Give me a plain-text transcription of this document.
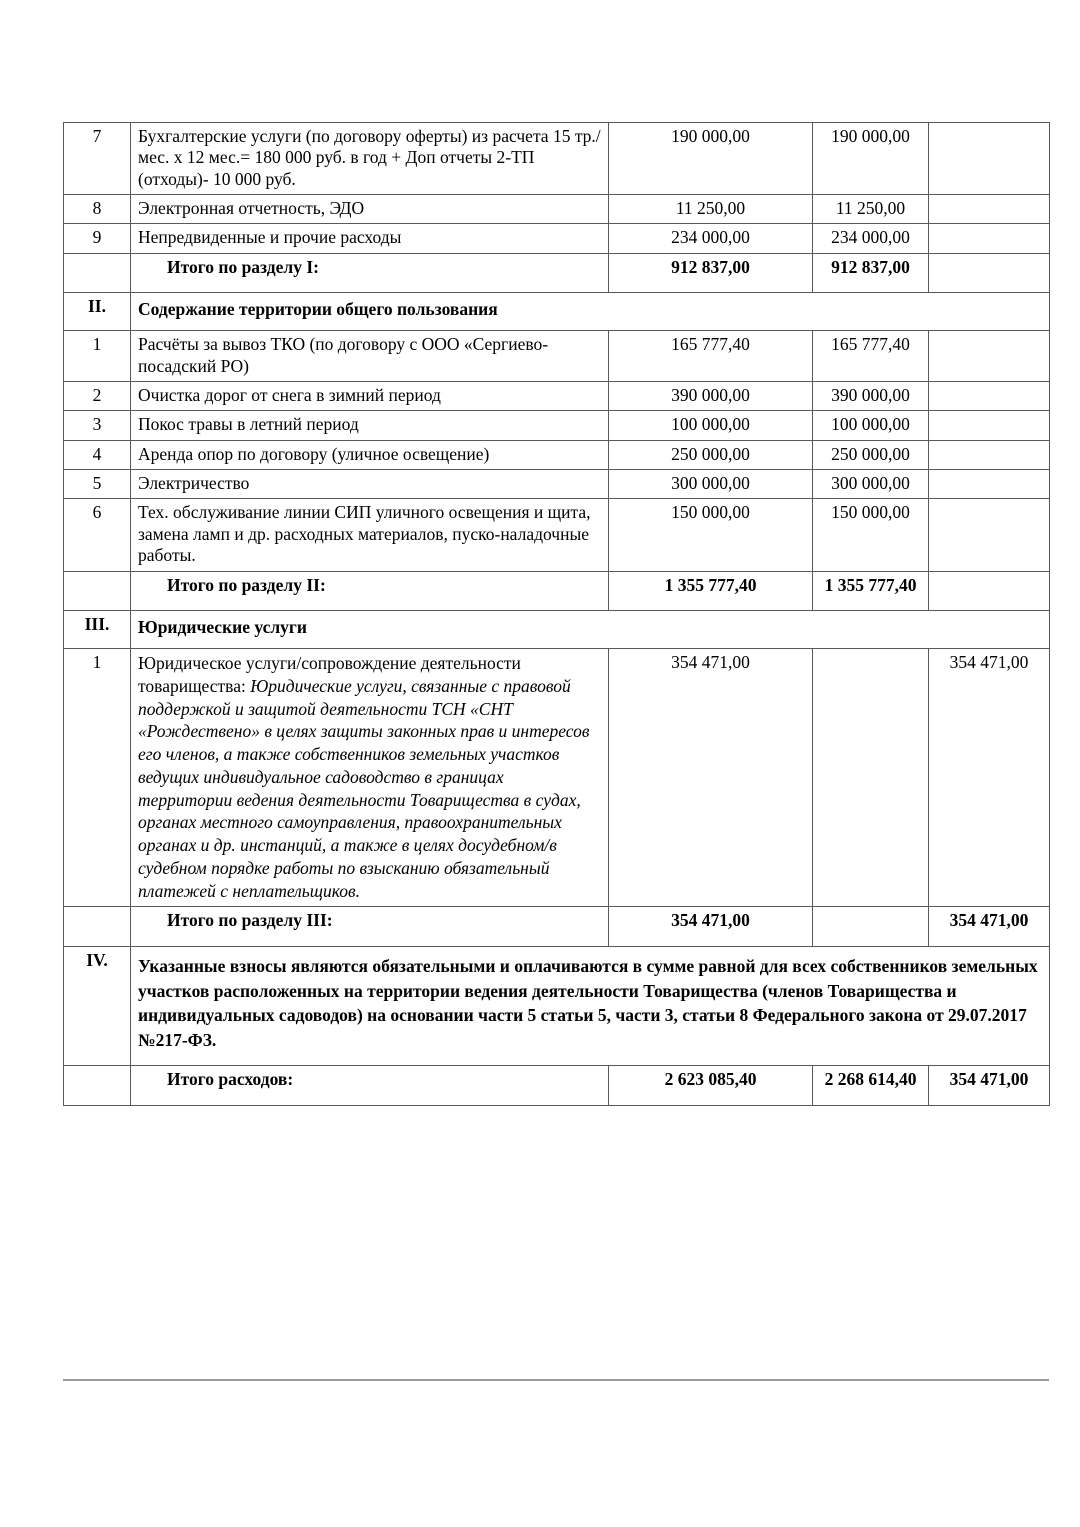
7	Бухгалтерские услуги (по договору оферты) из расчета 15 тр./мес. х 12 мес.= 180 000 руб. в год + Доп отчеты 2-ТП (отходы)- 10 000 руб.	190 000,00	190 000,00	
8	Электронная отчетность, ЭДО	11 250,00	11 250,00	
9	Непредвиденные и прочие расходы	234 000,00	234 000,00	
	Итого по разделу I:	912 837,00	912 837,00	
II.	Содержание территории общего пользования			
1	Расчёты за вывоз ТКО (по договору с ООО «Сергиево-посадский РО)	165 777,40	165 777,40	
2	Очистка дорог от снега в зимний период	390 000,00	390 000,00	
3	Покос травы в летний период	100 000,00	100 000,00	
4	Аренда опор по договору (уличное освещение)	250 000,00	250 000,00	
5	Электричество	300 000,00	300 000,00	
6	Тех. обслуживание линии СИП уличного освещения и щита, замена ламп и др. расходных материалов, пуско-наладочные работы.	150 000,00	150 000,00	
	Итого по разделу II:	1 355 777,40	1 355 777,40	
III.	Юридические услуги			
1	Юридическое услуги/сопровождение деятельности товарищества: Юридические услуги, связанные с правовой поддержкой и защитой деятельности ТСН «СНТ «Рождествено» в целях защиты законных прав и интересов его членов, а также собственников земельных участков ведущих индивидуальное садоводство в границах территории ведения деятельности Товарищества в судах, органах местного самоуправления, правоохранительных органах и др. инстанций, а также в целях досудебном/в судебном порядке работы по взысканию обязательный платежей с неплательщиков.	354 471,00		354 471,00
	Итого по разделу III:	354 471,00		354 471,00
IV.	Указанные взносы являются обязательными и оплачиваются в сумме равной для всех собственников земельных участков расположенных на территории ведения деятельности Товарищества (членов Товарищества и индивидуальных садоводов) на основании части 5 статьи 5, части 3, статьи 8 Федерального закона от 29.07.2017 №217-ФЗ.			
	Итого расходов:	2 623 085,40	2 268 614,40	354 471,00
